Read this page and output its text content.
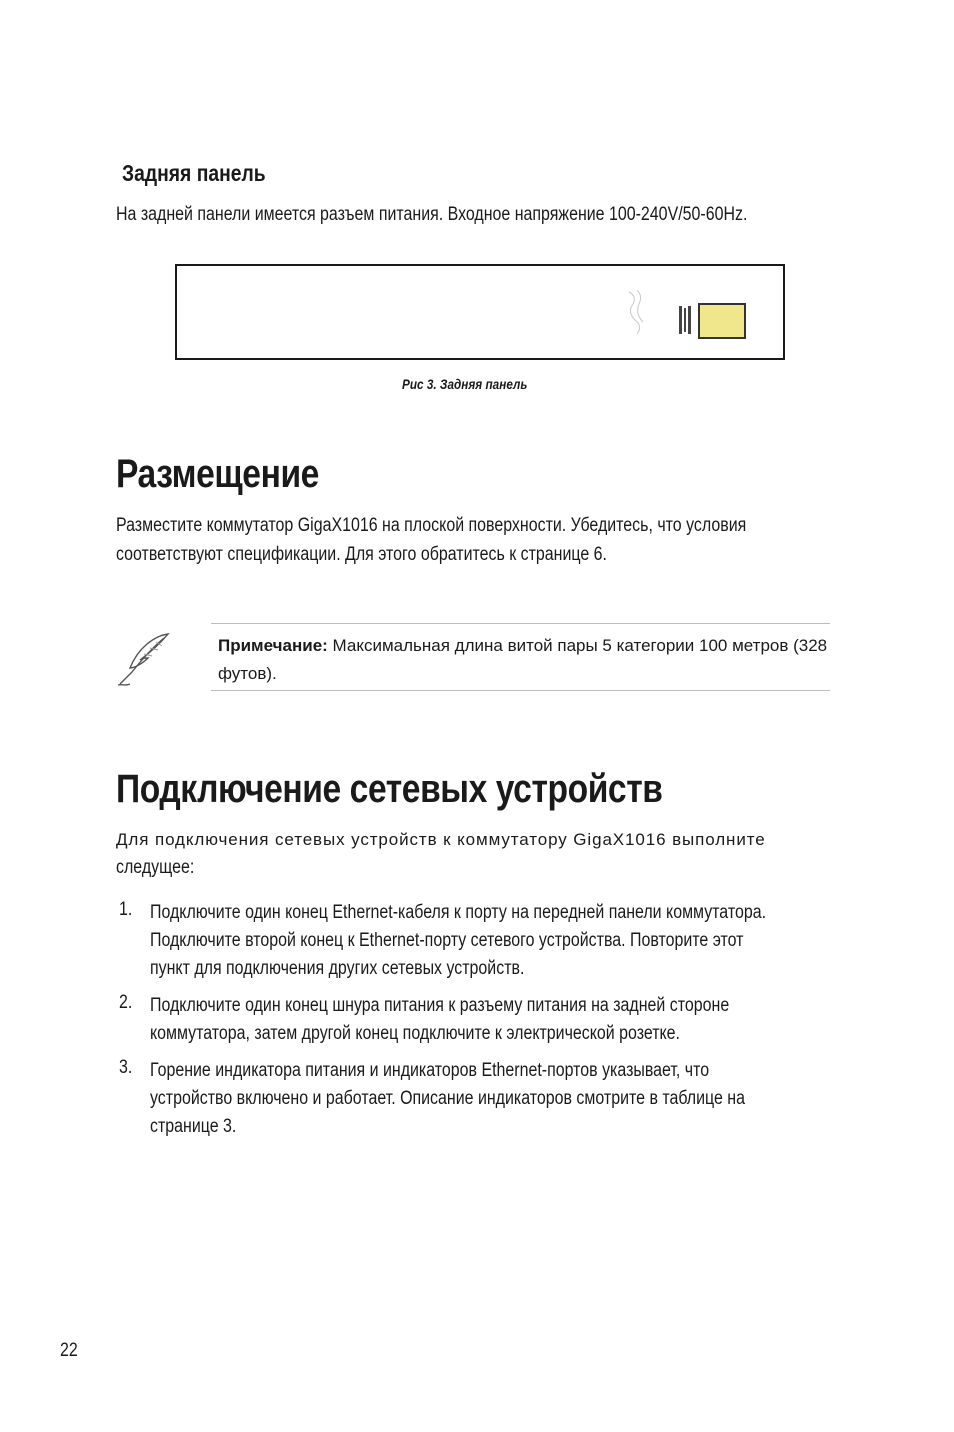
Задняя панель
На задней панели имеется разъем питания. Входное напряжение 100-240V/50-60Hz.
Рис 3. Задняя панель
Размещение
Разместите коммутатор GigaX1016 на плоской поверхности. Убедитесь, что условия
соответствуют спецификации. Для этого обратитесь к странице 6.
Примечание: Максимальная длина витой пары 5 категории 100 метров (328 футов).
Подключение сетевых устройств
Для подключения сетевых устройств к коммутатору GigaX1016 выполните
следущее:
1. Подключите один конец Ethernet-кабеля к порту на передней панели коммутатора.
Подключите второй конец к Ethernet-порту сетевого устройства. Повторите этот
пункт для подключения других сетевых устройств.
2. Подключите один конец шнура питания к разъему питания на задней стороне
коммутатора, затем другой конец подключите к электрической розетке.
3. Горение индикатора питания и индикаторов Ethernet-портов указывает, что
устройство включено и работает. Описание индикаторов смотрите в таблице на
странице 3.
22
